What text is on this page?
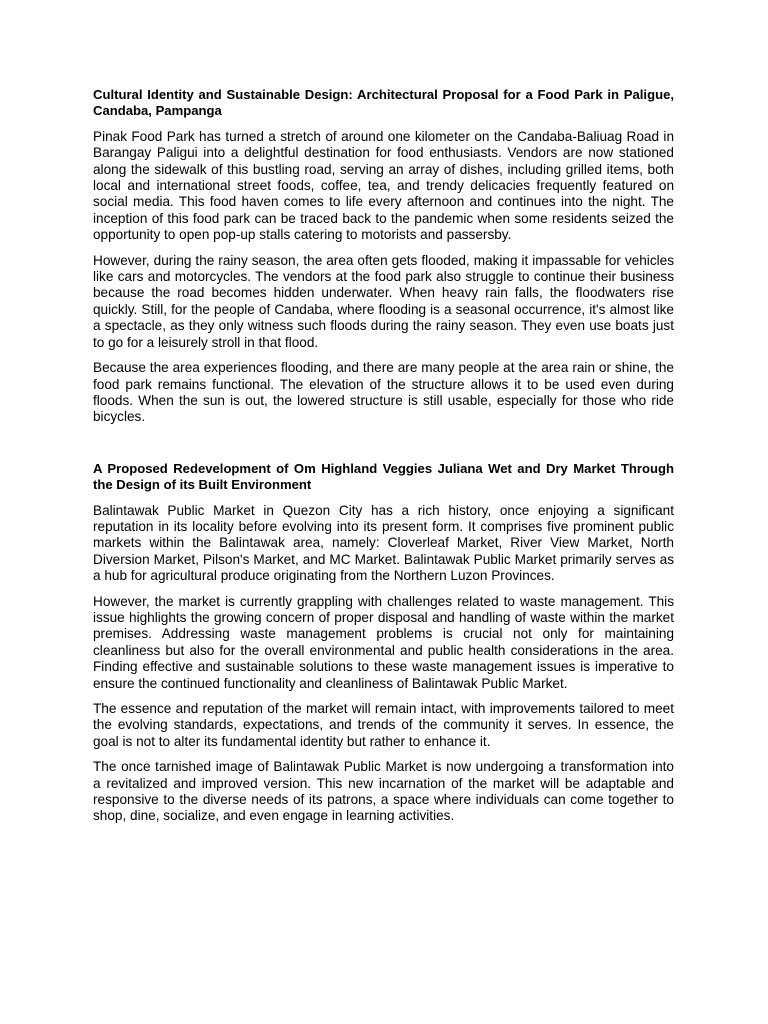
Cultural Identity and Sustainable Design: Architectural Proposal for a Food Park in Paligue, Candaba, Pampanga

Pinak Food Park has turned a stretch of around one kilometer on the Candaba-Baliuag Road in Barangay Paligui into a delightful destination for food enthusiasts. Vendors are now stationed along the sidewalk of this bustling road, serving an array of dishes, including grilled items, both local and international street foods, coffee, tea, and trendy delicacies frequently featured on social media. This food haven comes to life every afternoon and continues into the night. The inception of this food park can be traced back to the pandemic when some residents seized the opportunity to open pop-up stalls catering to motorists and passersby.

However, during the rainy season, the area often gets flooded, making it impassable for vehicles like cars and motorcycles. The vendors at the food park also struggle to continue their business because the road becomes hidden underwater. When heavy rain falls, the floodwaters rise quickly. Still, for the people of Candaba, where flooding is a seasonal occurrence, it's almost like a spectacle, as they only witness such floods during the rainy season. They even use boats just to go for a leisurely stroll in that flood.

Because the area experiences flooding, and there are many people at the area rain or shine, the food park remains functional. The elevation of the structure allows it to be used even during floods. When the sun is out, the lowered structure is still usable, especially for those who ride bicycles.

A Proposed Redevelopment of Om Highland Veggies Juliana Wet and Dry Market Through the Design of its Built Environment

Balintawak Public Market in Quezon City has a rich history, once enjoying a significant reputation in its locality before evolving into its present form. It comprises five prominent public markets within the Balintawak area, namely: Cloverleaf Market, River View Market, North Diversion Market, Pilson's Market, and MC Market. Balintawak Public Market primarily serves as a hub for agricultural produce originating from the Northern Luzon Provinces.

However, the market is currently grappling with challenges related to waste management. This issue highlights the growing concern of proper disposal and handling of waste within the market premises. Addressing waste management problems is crucial not only for maintaining cleanliness but also for the overall environmental and public health considerations in the area. Finding effective and sustainable solutions to these waste management issues is imperative to ensure the continued functionality and cleanliness of Balintawak Public Market.

The essence and reputation of the market will remain intact, with improvements tailored to meet the evolving standards, expectations, and trends of the community it serves. In essence, the goal is not to alter its fundamental identity but rather to enhance it.

The once tarnished image of Balintawak Public Market is now undergoing a transformation into a revitalized and improved version. This new incarnation of the market will be adaptable and responsive to the diverse needs of its patrons, a space where individuals can come together to shop, dine, socialize, and even engage in learning activities.
